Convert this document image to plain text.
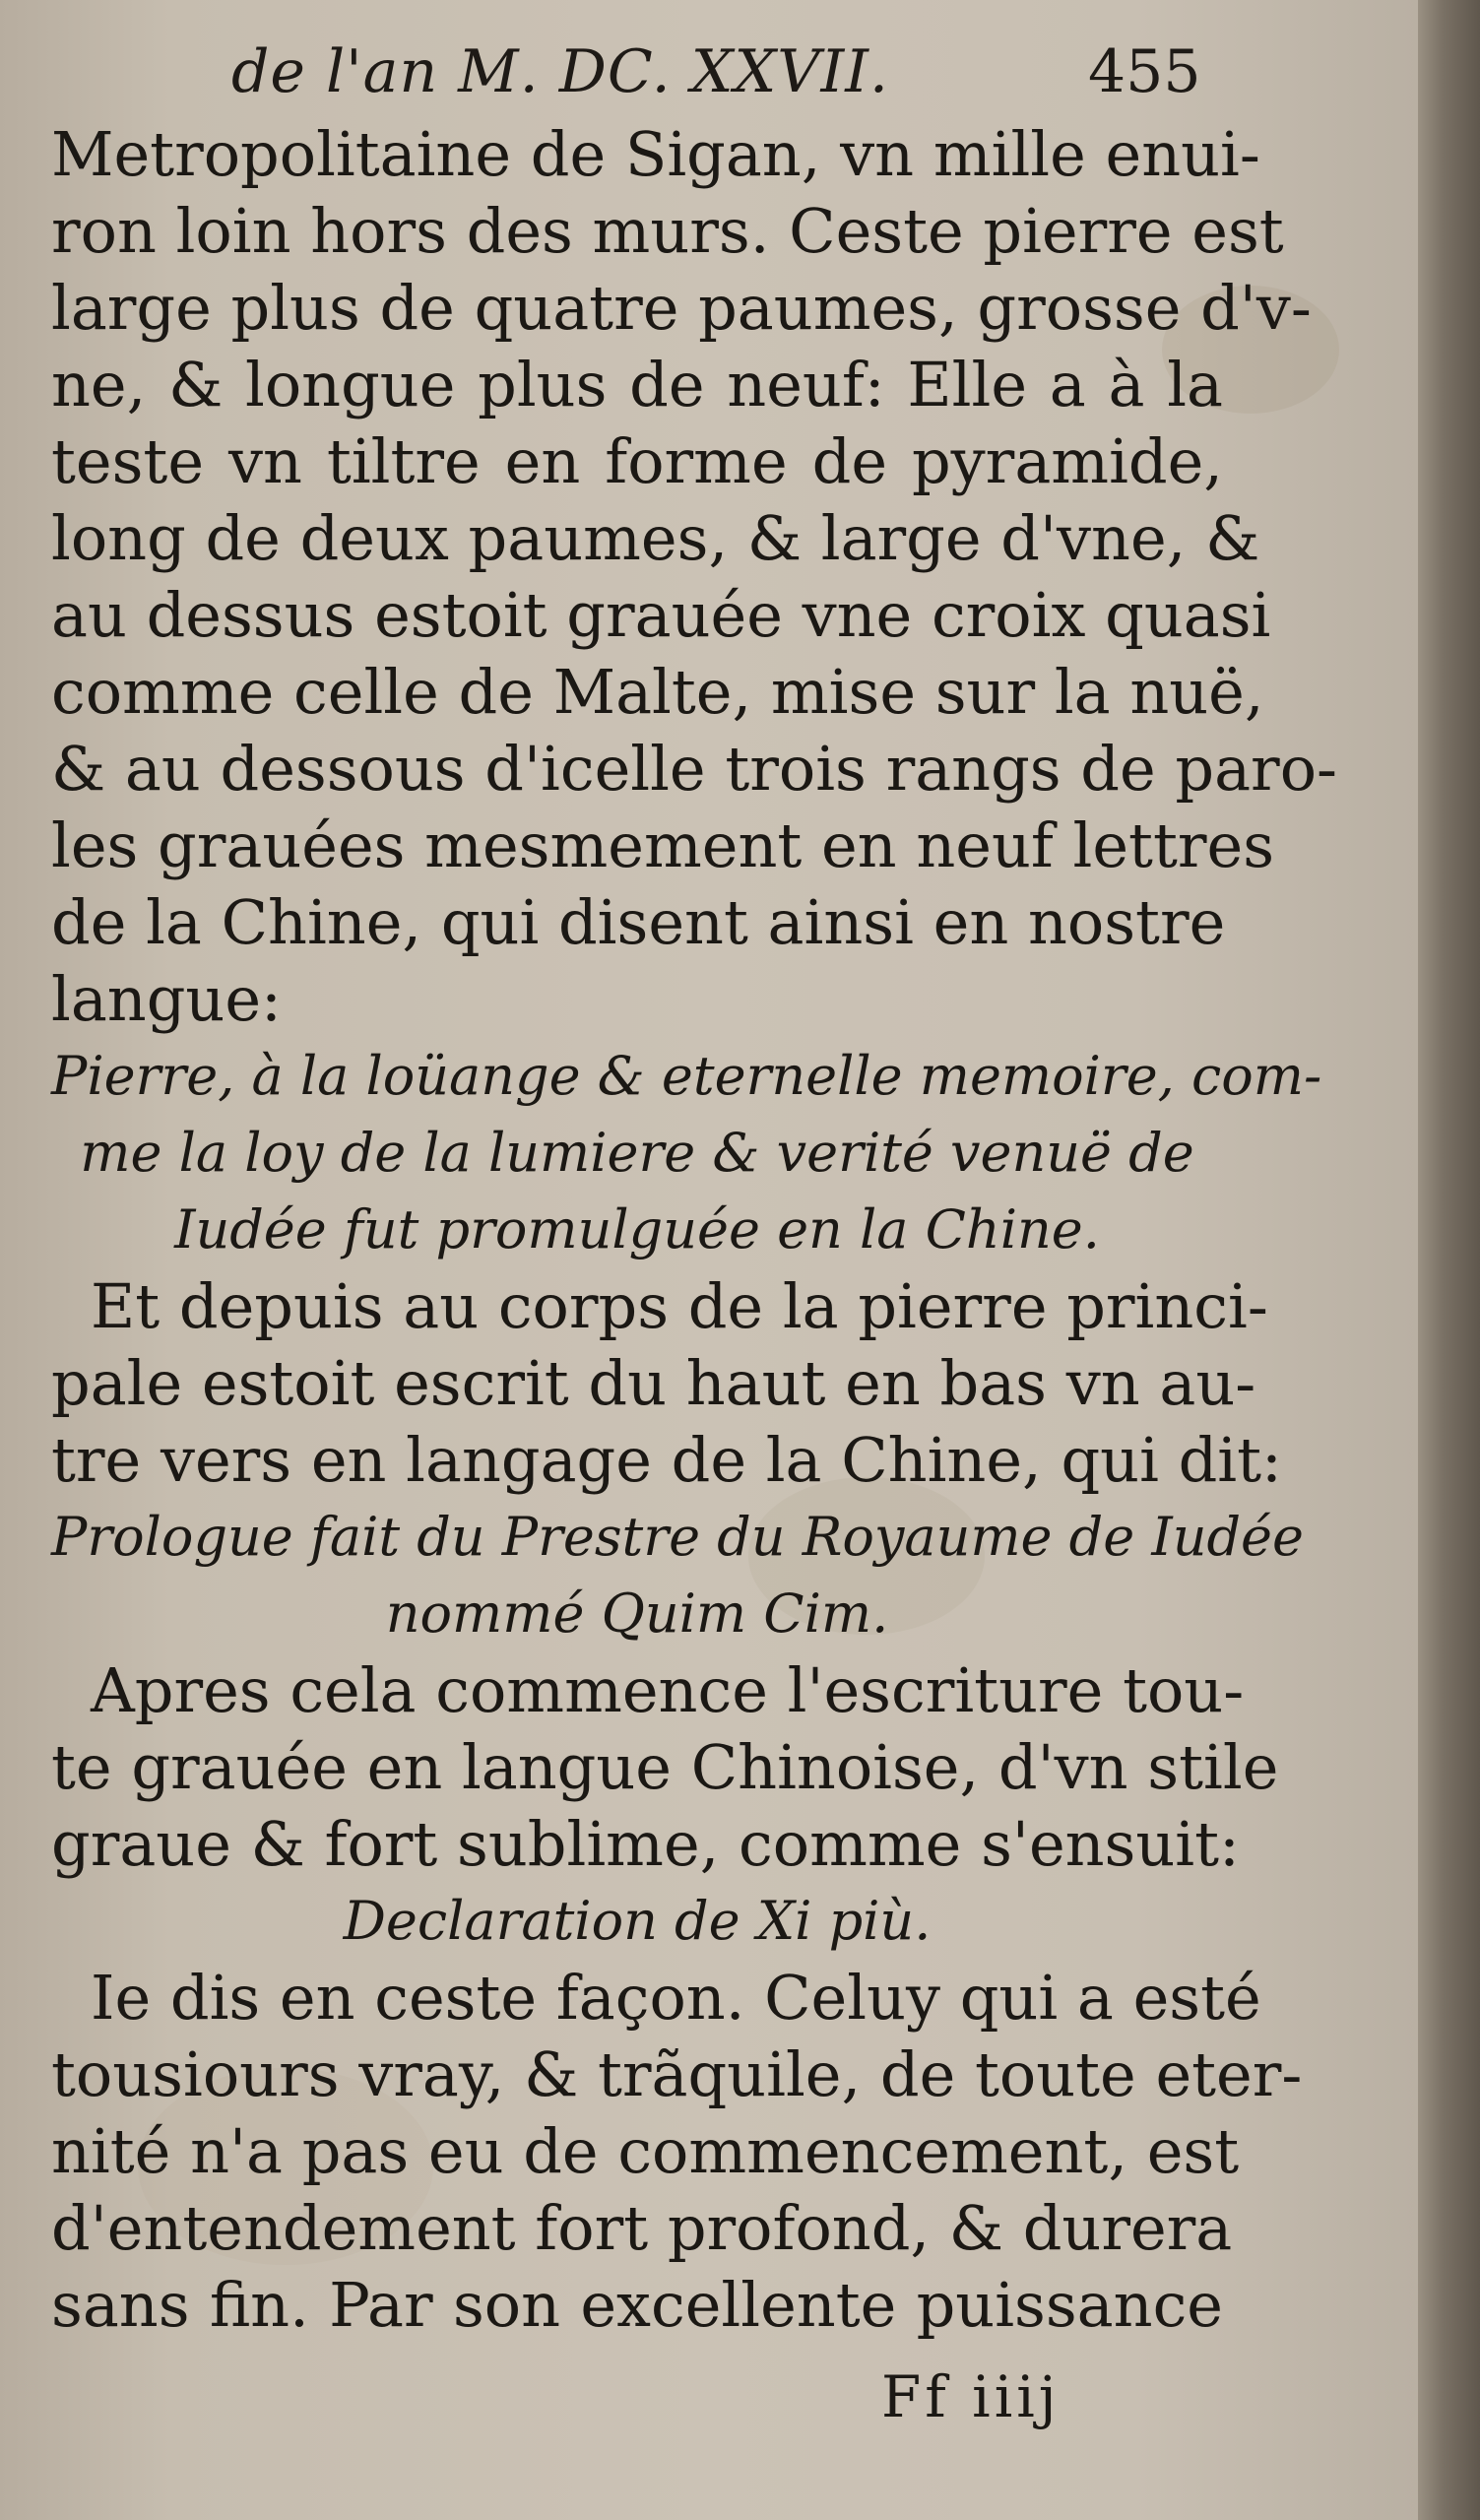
de l'an M. DC. XXVII.	455
Metropolitaine de Sigan, vn mille enui-
ron loin hors des murs. Ceste pierre est
large plus de quatre paumes, grosse d'v-
ne, & longue plus de neuf: Elle a à la
teste vn tiltre en forme de pyramide,
long de deux paumes, & large d'vne, &
au dessus estoit grauée vne croix quasi
comme celle de Malte, mise sur la nuë,
& au dessous d'icelle trois rangs de paro-
les grauées mesmement en neuf lettres
de la Chine, qui disent ainsi en nostre
langue:
Pierre, à la loüange & eternelle memoire, com-
me la loy de la lumiere & verité venuë de
Iudée fut promulguée en la Chine.
Et depuis au corps de la pierre princi-
pale estoit escrit du haut en bas vn au-
tre vers en langage de la Chine, qui dit:
Prologue fait du Prestre du Royaume de Iudée
nommé Quim Cim.
Apres cela commence l'escriture tou-
te grauée en langue Chinoise, d'vn stile
graue & fort sublime, comme s'ensuit:
Declaration de Xi più.
Ie dis en ceste façon. Celuy qui a esté
tousiours vray, & trãquile, de toute eter-
nité n'a pas eu de commencement, est
d'entendement fort profond, & durera
sans fin. Par son excellente puissance
Ff iiij
